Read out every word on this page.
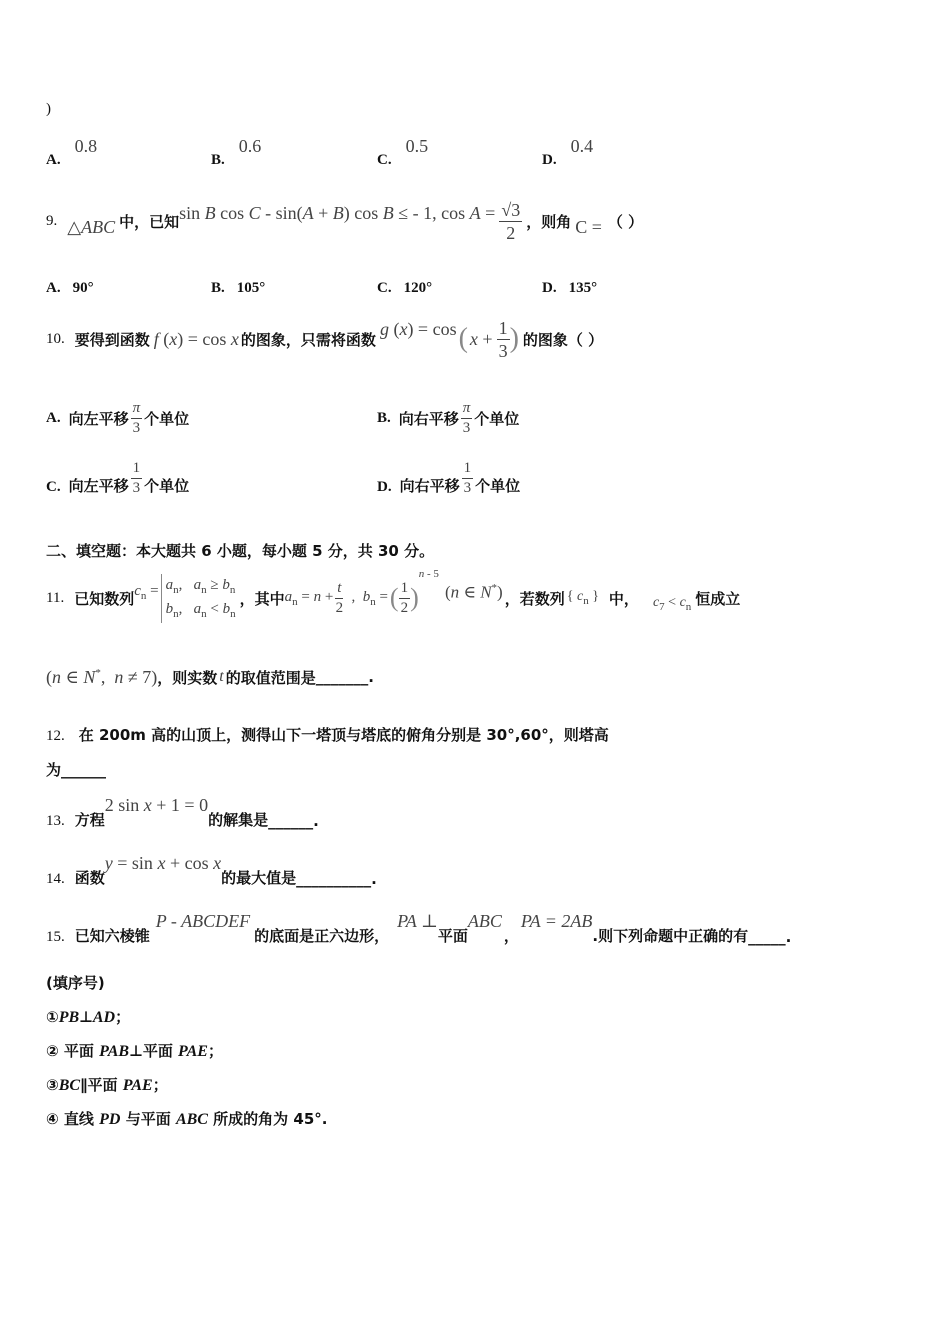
)
A. 0.8
B. 0.6
C. 0.5
D. 0.4
9. △ABC 中，已知 sin B cos C - sin(A + B) cos B ≤ - 1, $\cos A = \frac{√3}{2}$ ，则角 C = （ ）
A. 90°	B. 105°	C. 120°	D. 135°
10. 要得到函数 f (x) = cos x 的图象，只需将函数
g (x) = cos ( $x + \frac{1}{3}$ ) 的图象（ ）
A. 向左平移 $\frac{\pi}{3}$ 个单位	B. 向右平移 $\frac{\pi}{3}$ 个单位
C. 向左平移 $\frac{1}{3}$ 个单位	D. 向右平移 $\frac{1}{3}$ 个单位
二、填空题：本大题共 6 小题，每小题 5 分，共 30 分。
11. 已知数列 $c_n = a_n$,   $a_n \ge b_n$
$b_n$,   $a_n < b_n$
，其中 $a_n = n + \frac{t}{2}$ ,  $b_n$ = ( $\frac{1}{2}$ )
n - 5
(n ∈ N*) ，若数列 { $c_n$ } 中， $c_7 < c_n$ 恒成立
(n ∈ N*,  n ≠ 7) ，则实数 t 的取值范围是 _______ .
12. 在 200m 高的山顶上，测得山下一塔顶与塔底的俯角分别是 30°,60°，则塔高
为______
13. 方程
2 sin x + 1 = 0
的解集是 ______ .
14. 函数
y = sin x + cos x
的最大值是 __________ .
15. 已知六棱锥
P - ABCDEF
的底面是正六边形，
PA ⊥
平面
ABC
，
PA = 2AB
.则下列命题中正确的有 _____ .
(填序号)
①PB⊥AD；
② 平面 PAB⊥平面 PAE；
③BC∥平面 PAE；
④ 直线 PD 与平面 ABC 所成的角为 45°.
